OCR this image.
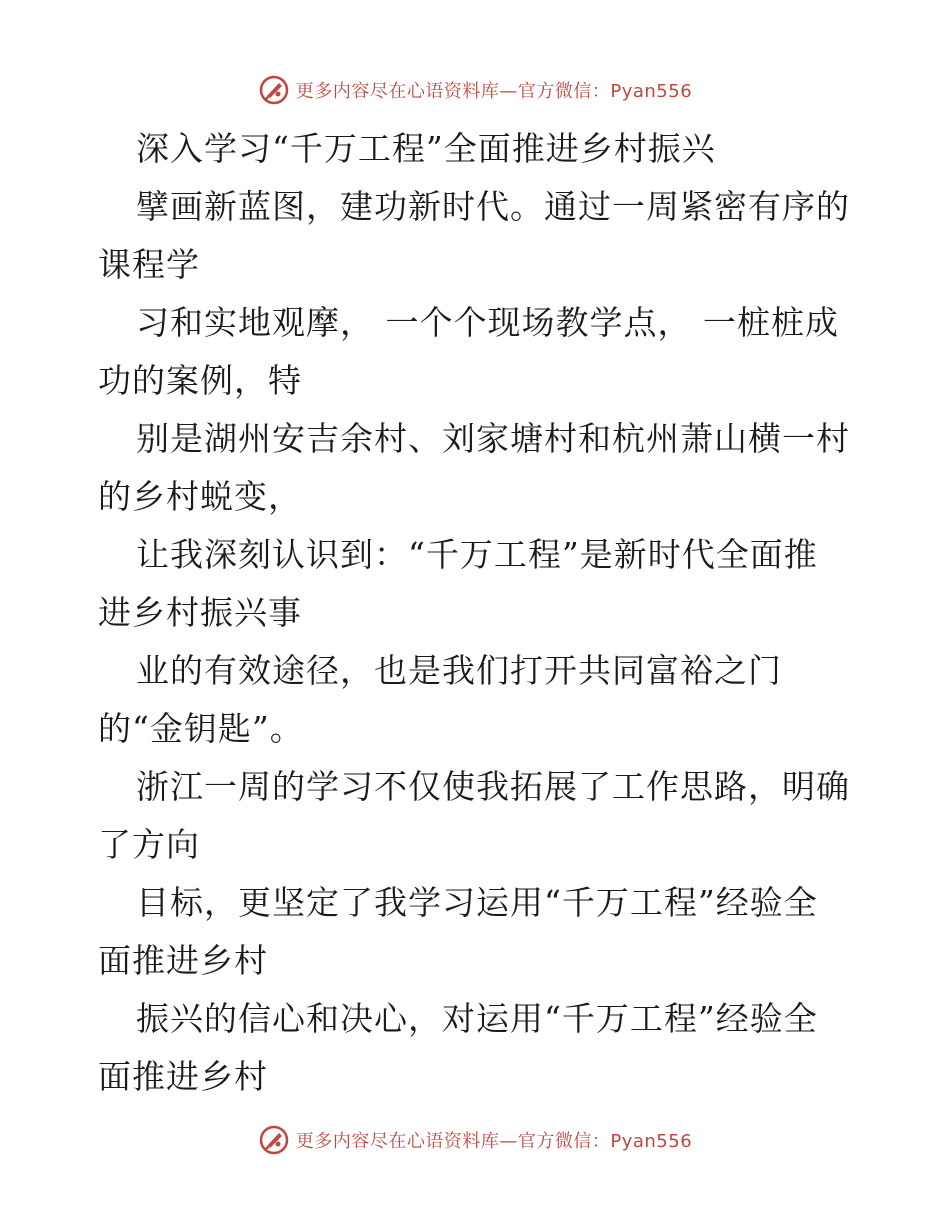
更多内容尽在心语资料库—官方微信：Pyan556
深入学习“千万工程”全面推进乡村振兴
擘画新蓝图，建功新时代。通过一周紧密有序的
课程学
习和实地观摩， 一个个现场教学点， 一桩桩成
功的案例，特
别是湖州安吉余村、刘家塘村和杭州萧山横一村
的乡村蜕变，
让我深刻认识到：“千万工程”是新时代全面推
进乡村振兴事
业的有效途径，也是我们打开共同富裕之门
的“金钥匙”。
浙江一周的学习不仅使我拓展了工作思路，明确
了方向
目标，更坚定了我学习运用“千万工程”经验全
面推进乡村
振兴的信心和决心，对运用“千万工程”经验全
面推进乡村
更多内容尽在心语资料库—官方微信：Pyan556
